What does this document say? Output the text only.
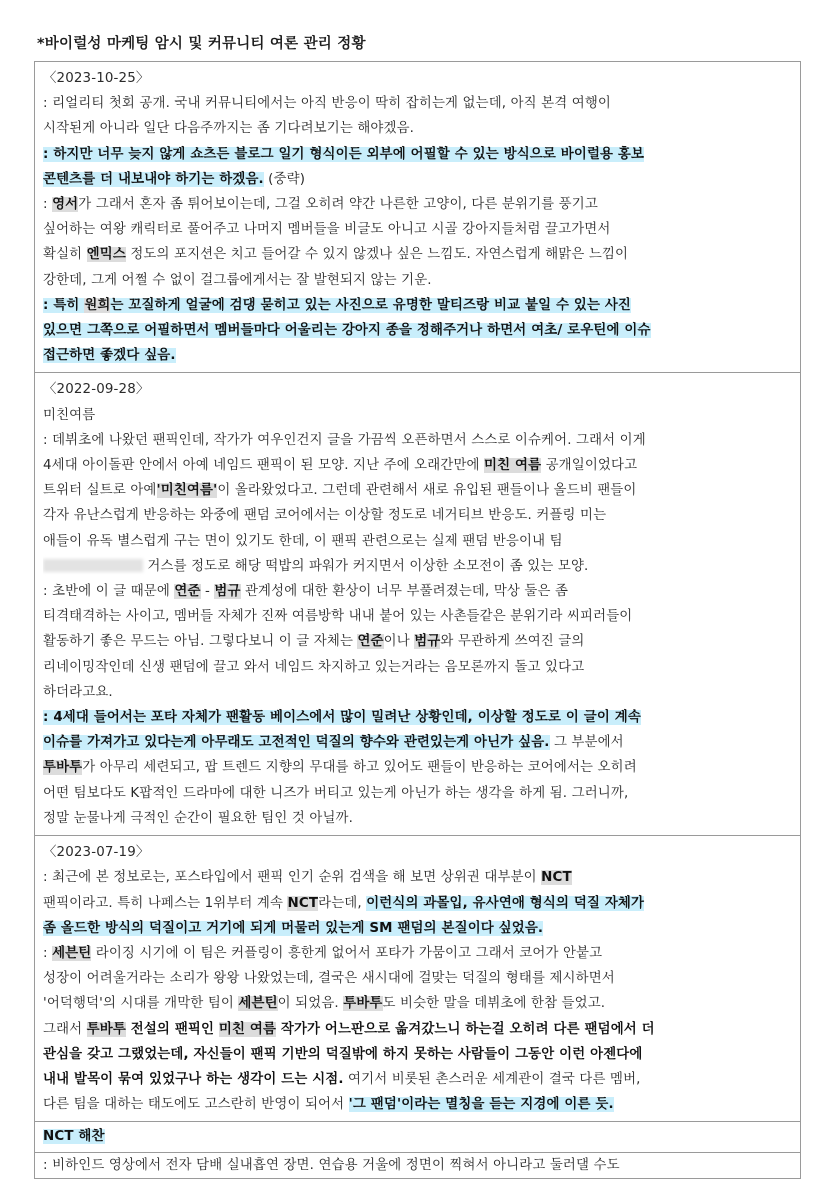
*바이럴성 마케팅 암시 및 커뮤니티 여론 관리 정황
〈2023-10-25〉
: 리얼리티 첫회 공개. 국내 커뮤니티에서는 아직 반응이 딱히 잡히는게 없는데, 아직 본격 여행이
시작된게 아니라 일단 다음주까지는 좀 기다려보기는 해야겠음.
: 하지만 너무 늦지 않게 쇼츠든 블로그 일기 형식이든 외부에 어필할 수 있는 방식으로 바이럴용 홍보
콘텐츠를 더 내보내야 하기는 하겠음. (중략)
: 영서가 그래서 혼자 좀 튀어보이는데, 그걸 오히려 약간 나른한 고양이, 다른 분위기를 풍기고
싶어하는 여왕 캐릭터로 풀어주고 나머지 멤버들을 비글도 아니고 시골 강아지들처럼 끌고가면서
확실히 엔믹스 정도의 포지션은 치고 들어갈 수 있지 않겠나 싶은 느낌도. 자연스럽게 해맑은 느낌이
강한데, 그게 어쩔 수 없이 걸그룹에게서는 잘 발현되지 않는 기운.
: 특히 원희는 꼬질하게 얼굴에 검댕 묻히고 있는 사진으로 유명한 말티즈랑 비교 붙일 수 있는 사진
있으면 그쪽으로 어필하면서 멤버들마다 어울리는 강아지 종을 정해주거나 하면서 여초/ 로우틴에 이슈
접근하면 좋겠다 싶음.
〈2022-09-28〉
미친여름
: 데뷔초에 나왔던 팬픽인데, 작가가 여우인건지 글을 가끔씩 오픈하면서 스스로 이슈케어. 그래서 이게
4세대 아이돌판 안에서 아예 네임드 팬픽이 된 모양. 지난 주에 오래간만에 미친 여름 공개일이었다고
트위터 실트로 아예'미친여름'이 올라왔었다고. 그런데 관련해서 새로 유입된 팬들이나 올드비 팬들이
각자 유난스럽게 반응하는 와중에 팬덤 코어에서는 이상할 정도로 네거티브 반응도. 커플링 미는
애들이 유독 별스럽게 구는 면이 있기도 한데, 이 팬픽 관련으로는 실제 팬덤 반응이내 팀
거스를 정도로 해당 떡밥의 파워가 커지면서 이상한 소모전이 좀 있는 모양.
: 초반에 이 글 때문에 연준 - 범규 관계성에 대한 환상이 너무 부풀려졌는데, 막상 둘은 좀
티격태격하는 사이고, 멤버들 자체가 진짜 여름방학 내내 붙어 있는 사촌들같은 분위기라 씨피러들이
활동하기 좋은 무드는 아님. 그렇다보니 이 글 자체는 연준이나 범규와 무관하게 쓰여진 글의
리네이밍작인데 신생 팬덤에 끌고 와서 네임드 차지하고 있는거라는 음모론까지 돌고 있다고
하더라고요.
: 4세대 들어서는 포타 자체가 팬활동 베이스에서 많이 밀려난 상황인데, 이상할 정도로 이 글이 계속
이슈를 가져가고 있다는게 아무래도 고전적인 덕질의 향수와 관련있는게 아닌가 싶음. 그 부분에서
투바투가 아무리 세련되고, 팝 트렌드 지향의 무대를 하고 있어도 팬들이 반응하는 코어에서는 오히려
어떤 팀보다도 K팝적인 드라마에 대한 니즈가 버티고 있는게 아닌가 하는 생각을 하게 됨. 그러니까,
정말 눈물나게 극적인 순간이 필요한 팀인 것 아닐까.
〈2023-07-19〉
: 최근에 본 정보로는, 포스타입에서 팬픽 인기 순위 검색을 해 보면 상위권 대부분이 NCT
팬픽이라고. 특히 나페스는 1위부터 계속 NCT라는데, 이런식의 과몰입, 유사연애 형식의 덕질 자체가
좀 올드한 방식의 덕질이고 거기에 되게 머물러 있는게 SM 팬덤의 본질이다 싶었음.
: 세븐틴 라이징 시기에 이 팀은 커플링이 흥한게 없어서 포타가 가뭄이고 그래서 코어가 안붙고
성장이 어려울거라는 소리가 왕왕 나왔었는데, 결국은 새시대에 걸맞는 덕질의 형태를 제시하면서
'어덕행덕'의 시대를 개막한 팀이 세븐틴이 되었음. 투바투도 비슷한 말을 데뷔초에 한참 들었고.
그래서 투바투 전설의 팬픽인 미친 여름 작가가 어느판으로 옮겨갔느니 하는걸 오히려 다른 팬덤에서 더
관심을 갖고 그랬었는데, 자신들이 팬픽 기반의 덕질밖에 하지 못하는 사람들이 그동안 이런 아젠다에
내내 발목이 묶여 있었구나 하는 생각이 드는 시점. 여기서 비롯된 촌스러운 세계관이 결국 다른 멤버,
다른 팀을 대하는 태도에도 고스란히 반영이 되어서 '그 팬덤'이라는 멸칭을 듣는 지경에 이른 듯.
NCT 해찬
: 비하인드 영상에서 전자 담배 실내흡연 장면. 연습용 거울에 정면이 찍혀서 아니라고 둘러댈 수도
